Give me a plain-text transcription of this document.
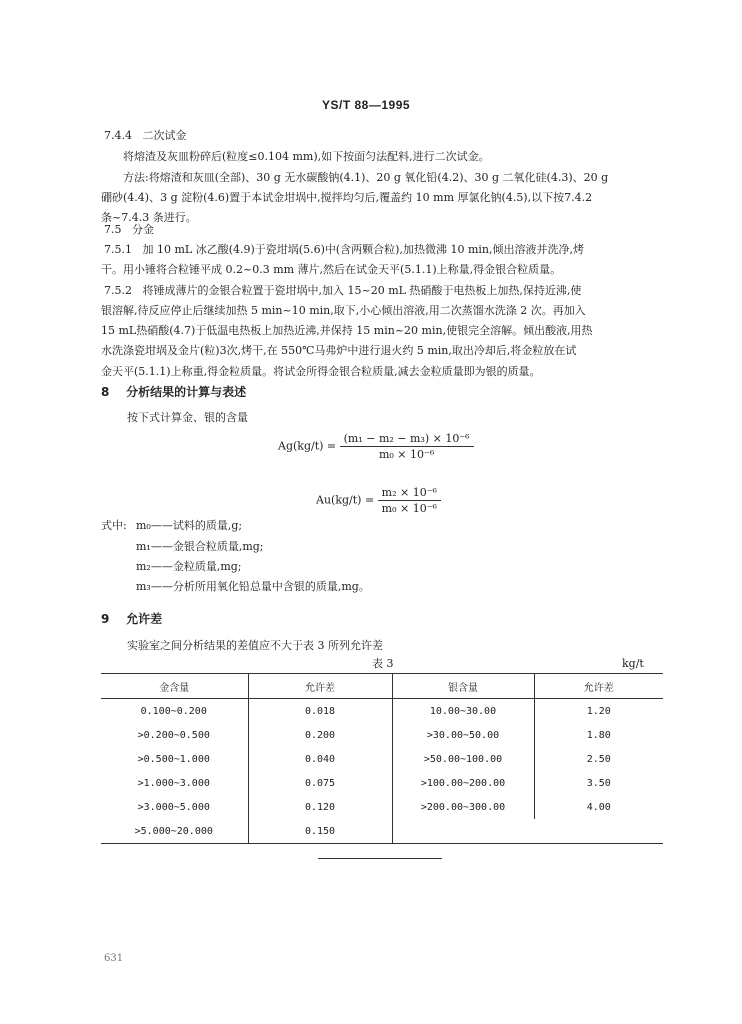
YS/T 88—1995
7.4.4 二次试金
将熔渣及灰皿粉碎后(粒度≤0.104 mm),如下按面匀法配料,进行二次试金。
方法:将熔渣和灰皿(全部)、30 g 无水碳酸钠(4.1)、20 g 氧化铅(4.2)、30 g 二氧化硅(4.3)、20 g
硼砂(4.4)、3 g 淀粉(4.6)置于本试金坩埚中,搅拌均匀后,覆盖约 10 mm 厚氯化钠(4.5),以下按7.4.2
条~7.4.3 条进行。
7.5 分金
7.5.1 加 10 mL 冰乙酸(4.9)于瓷坩埚(5.6)中(含两颗合粒),加热微沸 10 min,倾出溶液并洗净,烤
干。用小锤将合粒锤平成 0.2~0.3 mm 薄片,然后在试金天平(5.1.1)上称量,得金银合粒质量。
7.5.2 将锤成薄片的金银合粒置于瓷坩埚中,加入 15~20 mL 热硝酸于电热板上加热,保持近沸,使
银溶解,待反应停止后继续加热 5 min~10 min,取下,小心倾出溶液,用二次蒸馏水洗涤 2 次。再加入
15 mL热硝酸(4.7)于低温电热板上加热近沸,并保持 15 min~20 min,使银完全溶解。倾出酸液,用热
水洗涤瓷坩埚及金片(粒)3次,烤干,在 550℃马弗炉中进行退火约 5 min,取出冷却后,将金粒放在试
金天平(5.1.1)上称重,得金粒质量。将试金所得金银合粒质量,减去金粒质量即为银的质量。
8 分析结果的计算与表述
按下式计算金、银的含量
$Ag(kg/t) = \frac{\text{(m₁ − m₂ − m₃) × 10⁻⁶}}{\text{m₀ × 10⁻⁶}}$
$Au(kg/t) = \frac{\text{m₂ × 10⁻⁶}}{\text{m₀ × 10⁻⁶}}$
式中: m₀——试料的质量,g;
m₁——金银合粒质量,mg;
m₂——金粒质量,mg;
m₃——分析所用氧化铅总量中含银的质量,mg。
9 允许差
实验室之间分析结果的差值应不大于表 3 所列允许差
表 3	kg/t
金含量	允许差	银含量	允许差
0.100~0.200	0.018	10.00~30.00	1.20
>0.200~0.500	0.200	>30.00~50.00	1.80
>0.500~1.000	0.040	>50.00~100.00	2.50
>1.000~3.000	0.075	>100.00~200.00	3.50
>3.000~5.000	0.120	>200.00~300.00	4.00
>5.000~20.000	0.150		
631
